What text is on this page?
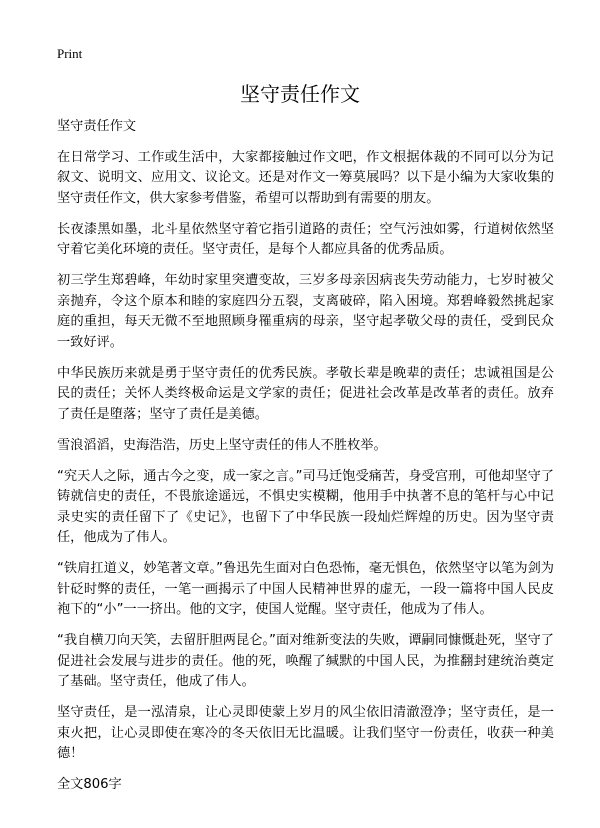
Print
坚守责任作文

坚守责任作文

在日常学习、工作或生活中，大家都接触过作文吧，作文根据体裁的不同可以分为记叙文、说明文、应用文、议论文。还是对作文一筹莫展吗？以下是小编为大家收集的坚守责任作文，供大家参考借鉴，希望可以帮助到有需要的朋友。

长夜漆黑如墨，北斗星依然坚守着它指引道路的责任；空气污浊如雾，行道树依然坚守着它美化环境的责任。坚守责任，是每个人都应具备的优秀品质。

初三学生郑碧峰，年幼时家里突遭变故，三岁多母亲因病丧失劳动能力，七岁时被父亲抛弃，令这个原本和睦的家庭四分五裂，支离破碎，陷入困境。郑碧峰毅然挑起家庭的重担，每天无微不至地照顾身罹重病的母亲，坚守起孝敬父母的责任，受到民众一致好评。

中华民族历来就是勇于坚守责任的优秀民族。孝敬长辈是晚辈的责任；忠诚祖国是公民的责任；关怀人类终极命运是文学家的责任；促进社会改革是改革者的责任。放弃了责任是堕落；坚守了责任是美德。

雪浪滔滔，史海浩浩，历史上坚守责任的伟人不胜枚举。

“究天人之际，通古今之变，成一家之言。”司马迁饱受痛苦，身受宫刑，可他却坚守了铸就信史的责任，不畏旅途遥远，不惧史实模糊，他用手中执著不息的笔杆与心中记录史实的责任留下了《史记》，也留下了中华民族一段灿烂辉煌的历史。因为坚守责任，他成为了伟人。

“铁肩扛道义，妙笔著文章。”鲁迅先生面对白色恐怖，毫无惧色，依然坚守以笔为剑为针砭时弊的责任，一笔一画揭示了中国人民精神世界的虚无，一段一篇将中国人民皮袍下的“小”一一挤出。他的文字，使国人觉醒。坚守责任，他成为了伟人。

“我自横刀向天笑，去留肝胆两昆仑。”面对维新变法的失败，谭嗣同慷慨赴死，坚守了促进社会发展与进步的责任。他的死，唤醒了缄默的中国人民，为推翻封建统治奠定了基础。坚守责任，他成了伟人。

坚守责任，是一泓清泉，让心灵即使蒙上岁月的风尘依旧清澈澄净；坚守责任，是一束火把，让心灵即使在寒冷的冬天依旧无比温暖。让我们坚守一份责任，收获一种美德！

全文806字
